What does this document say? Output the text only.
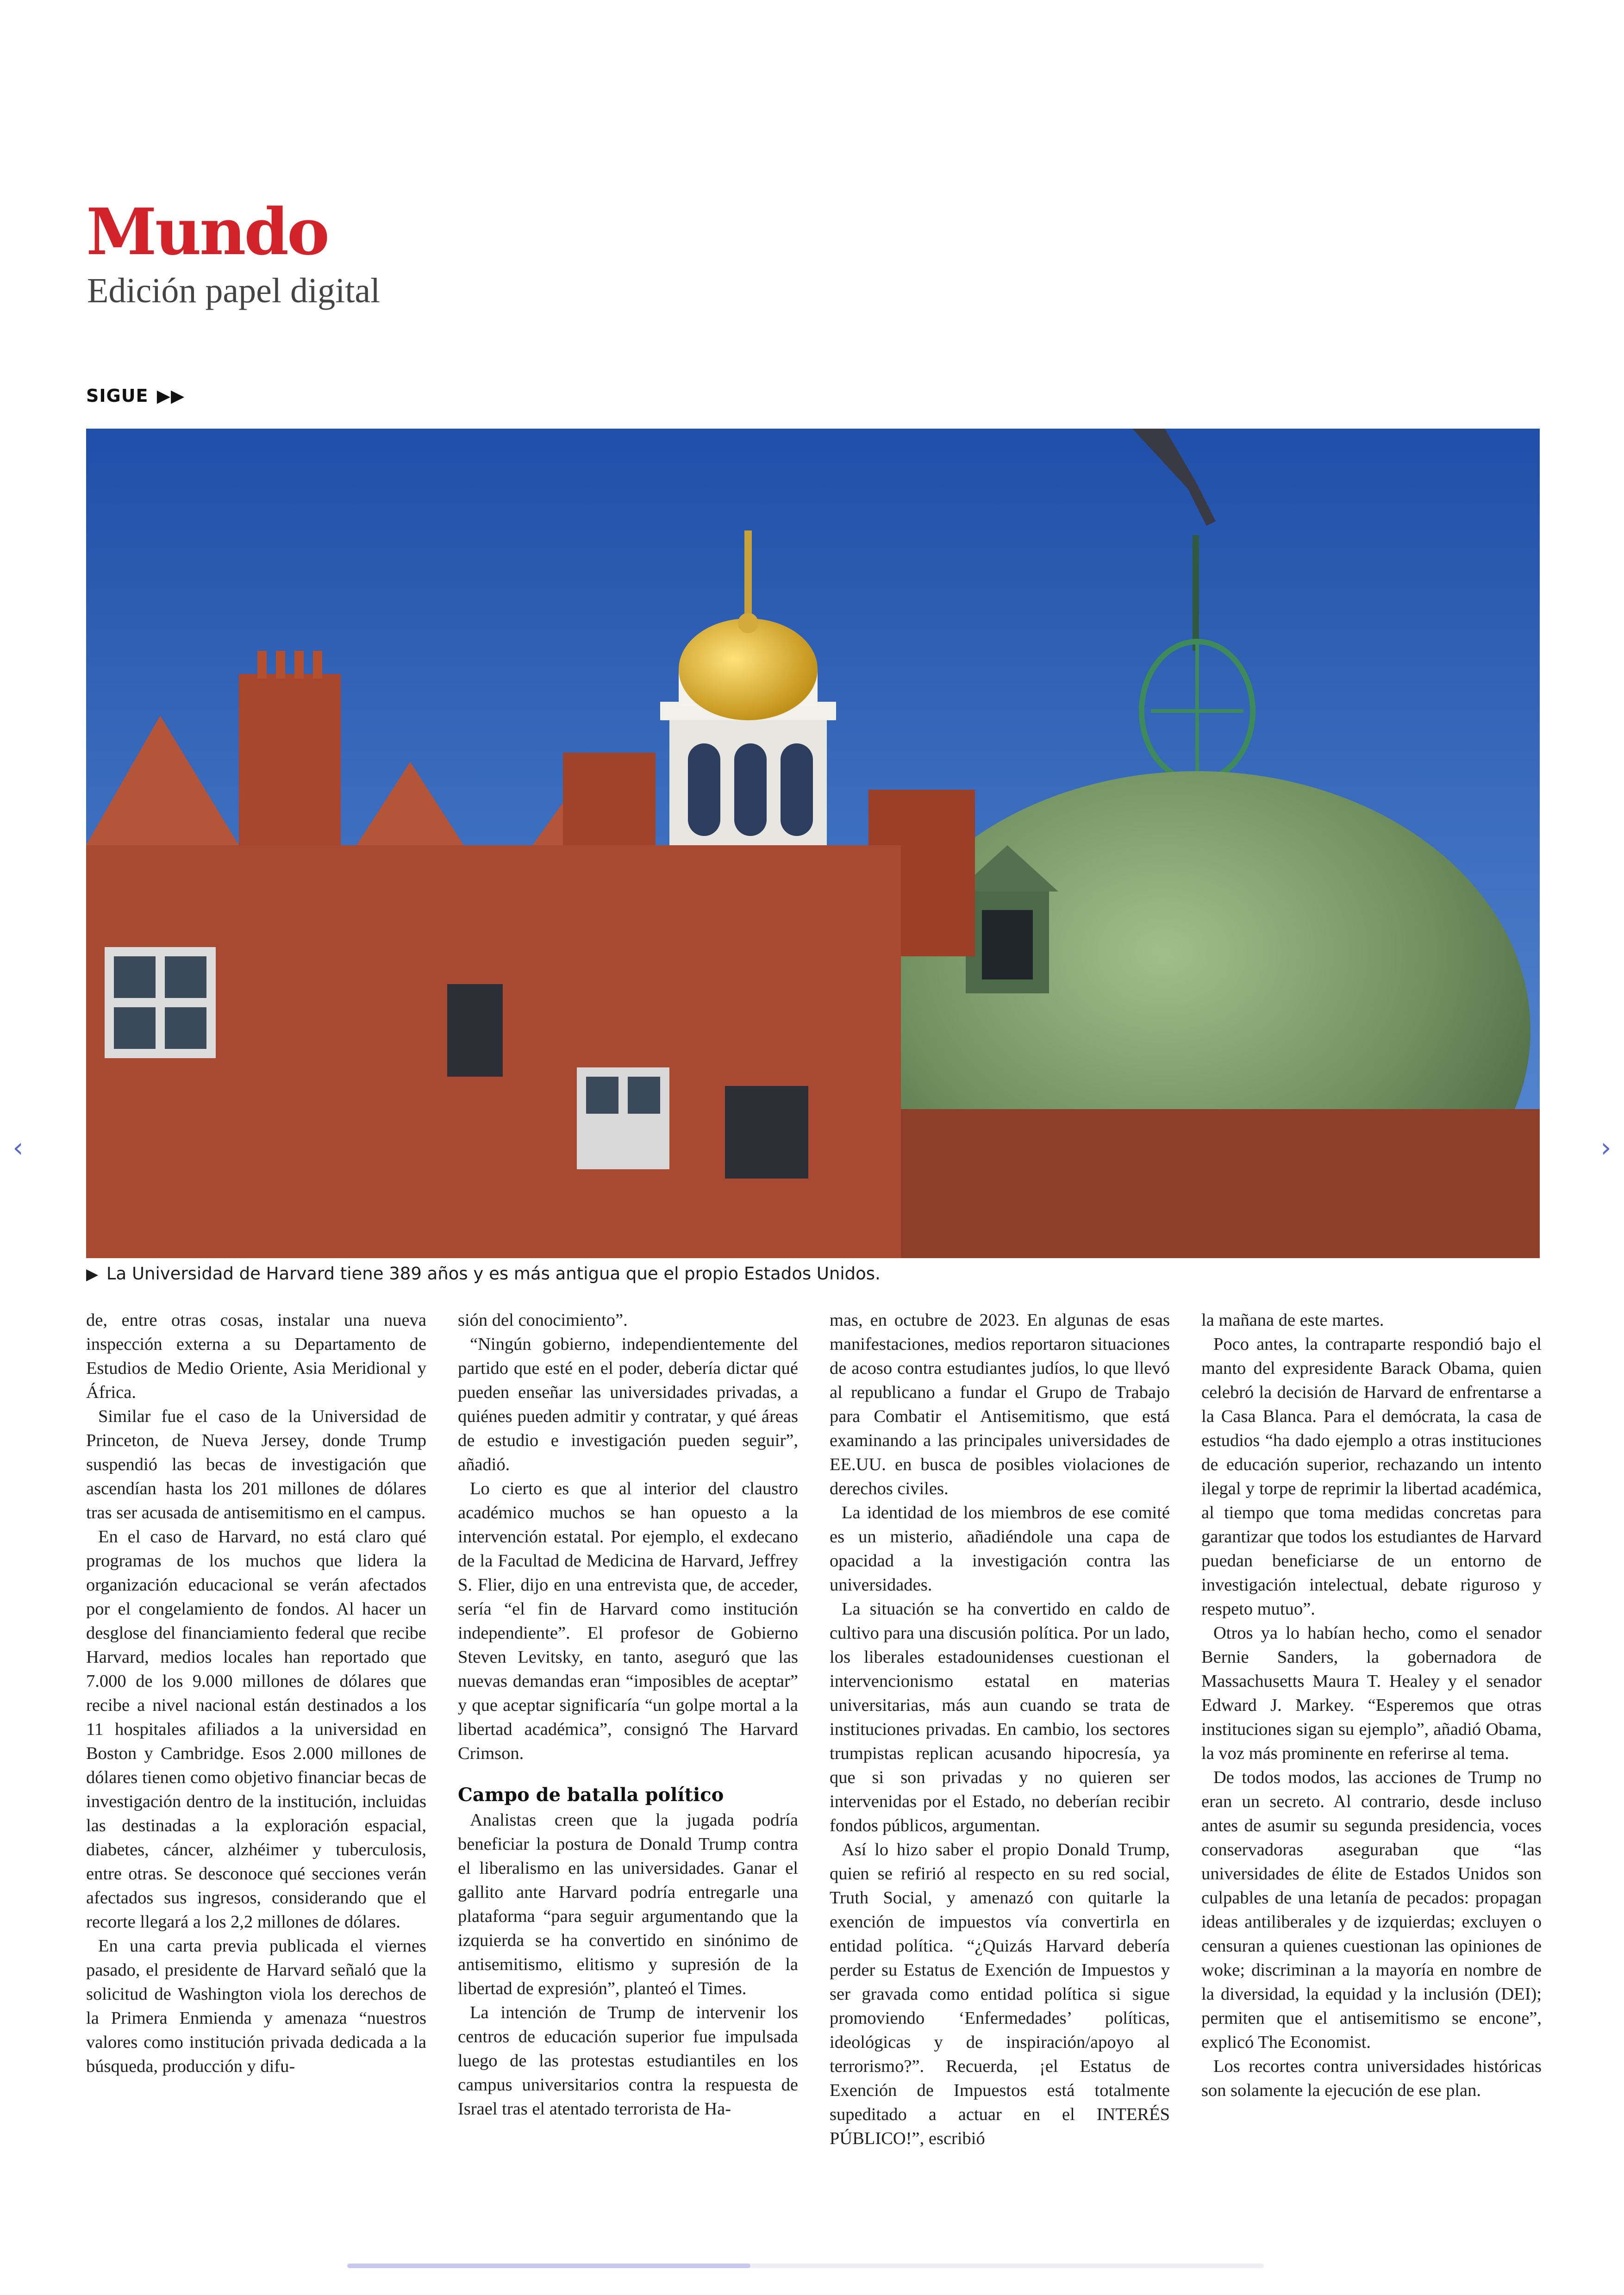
Mundo
Edición papel digital
SIGUE ▶▶
▶ La Universidad de Harvard tiene 389 años y es más antigua que el propio Estados Unidos.

de, entre otras cosas, instalar una nueva inspección externa a su Departamento de Estudios de Medio Oriente, Asia Meridional y África.

Similar fue el caso de la Universidad de Princeton, de Nueva Jersey, donde Trump suspendió las becas de investigación que ascendían hasta los 201 millones de dólares tras ser acusada de antisemitismo en el campus.

En el caso de Harvard, no está claro qué programas de los muchos que lidera la organización educacional se verán afectados por el congelamiento de fondos. Al hacer un desglose del financiamiento federal que recibe Harvard, medios locales han reportado que 7.000 de los 9.000 millones de dólares que recibe a nivel nacional están destinados a los 11 hospitales afiliados a la universidad en Boston y Cambridge. Esos 2.000 millones de dólares tienen como objetivo financiar becas de investigación dentro de la institución, incluidas las destinadas a la exploración espacial, diabetes, cáncer, alzhéimer y tuberculosis, entre otras. Se desconoce qué secciones verán afectados sus ingresos, considerando que el recorte llegará a los 2,2 millones de dólares.

En una carta previa publicada el viernes pasado, el presidente de Harvard señaló que la solicitud de Washington viola los derechos de la Primera Enmienda y amenaza “nuestros valores como institución privada dedicada a la búsqueda, producción y difu-

sión del conocimiento”.

“Ningún gobierno, independientemente del partido que esté en el poder, debería dictar qué pueden enseñar las universidades privadas, a quiénes pueden admitir y contratar, y qué áreas de estudio e investigación pueden seguir”, añadió.

Lo cierto es que al interior del claustro académico muchos se han opuesto a la intervención estatal. Por ejemplo, el exdecano de la Facultad de Medicina de Harvard, Jeffrey S. Flier, dijo en una entrevista que, de acceder, sería “el fin de Harvard como institución independiente”. El profesor de Gobierno Steven Levitsky, en tanto, aseguró que las nuevas demandas eran “imposibles de aceptar” y que aceptar significaría “un golpe mortal a la libertad académica”, consignó The Harvard Crimson.

Campo de batalla político

Analistas creen que la jugada podría beneficiar la postura de Donald Trump contra el liberalismo en las universidades. Ganar el gallito ante Harvard podría entregarle una plataforma “para seguir argumentando que la izquierda se ha convertido en sinónimo de antisemitismo, elitismo y supresión de la libertad de expresión”, planteó el Times.

La intención de Trump de intervenir los centros de educación superior fue impulsada luego de las protestas estudiantiles en los campus universitarios contra la respuesta de Israel tras el atentado terrorista de Ha-

mas, en octubre de 2023. En algunas de esas manifestaciones, medios reportaron situaciones de acoso contra estudiantes judíos, lo que llevó al republicano a fundar el Grupo de Trabajo para Combatir el Antisemitismo, que está examinando a las principales universidades de EE.UU. en busca de posibles violaciones de derechos civiles.

La identidad de los miembros de ese comité es un misterio, añadiéndole una capa de opacidad a la investigación contra las universidades.

La situación se ha convertido en caldo de cultivo para una discusión política. Por un lado, los liberales estadounidenses cuestionan el intervencionismo estatal en materias universitarias, más aun cuando se trata de instituciones privadas. En cambio, los sectores trumpistas replican acusando hipocresía, ya que si son privadas y no quieren ser intervenidas por el Estado, no deberían recibir fondos públicos, argumentan.

Así lo hizo saber el propio Donald Trump, quien se refirió al respecto en su red social, Truth Social, y amenazó con quitarle la exención de impuestos vía convertirla en entidad política. “¿Quizás Harvard debería perder su Estatus de Exención de Impuestos y ser gravada como entidad política si sigue promoviendo ‘Enfermedades’ políticas, ideológicas y de inspiración/apoyo al terrorismo?”. Recuerda, ¡el Estatus de Exención de Impuestos está totalmente supeditado a actuar en el INTERÉS PÚBLICO!”, escribió

la mañana de este martes.

Poco antes, la contraparte respondió bajo el manto del expresidente Barack Obama, quien celebró la decisión de Harvard de enfrentarse a la Casa Blanca. Para el demócrata, la casa de estudios “ha dado ejemplo a otras instituciones de educación superior, rechazando un intento ilegal y torpe de reprimir la libertad académica, al tiempo que toma medidas concretas para garantizar que todos los estudiantes de Harvard puedan beneficiarse de un entorno de investigación intelectual, debate riguroso y respeto mutuo”.

Otros ya lo habían hecho, como el senador Bernie Sanders, la gobernadora de Massachusetts Maura T. Healey y el senador Edward J. Markey. “Esperemos que otras instituciones sigan su ejemplo”, añadió Obama, la voz más prominente en referirse al tema.

De todos modos, las acciones de Trump no eran un secreto. Al contrario, desde incluso antes de asumir su segunda presidencia, voces conservadoras aseguraban que “las universidades de élite de Estados Unidos son culpables de una letanía de pecados: propagan ideas antiliberales y de izquierdas; excluyen o censuran a quienes cuestionan las opiniones de woke; discriminan a la mayoría en nombre de la diversidad, la equidad y la inclusión (DEI); permiten que el antisemitismo se encone”, explicó The Economist.

Los recortes contra universidades históricas son solamente la ejecución de ese plan.

‹	›
